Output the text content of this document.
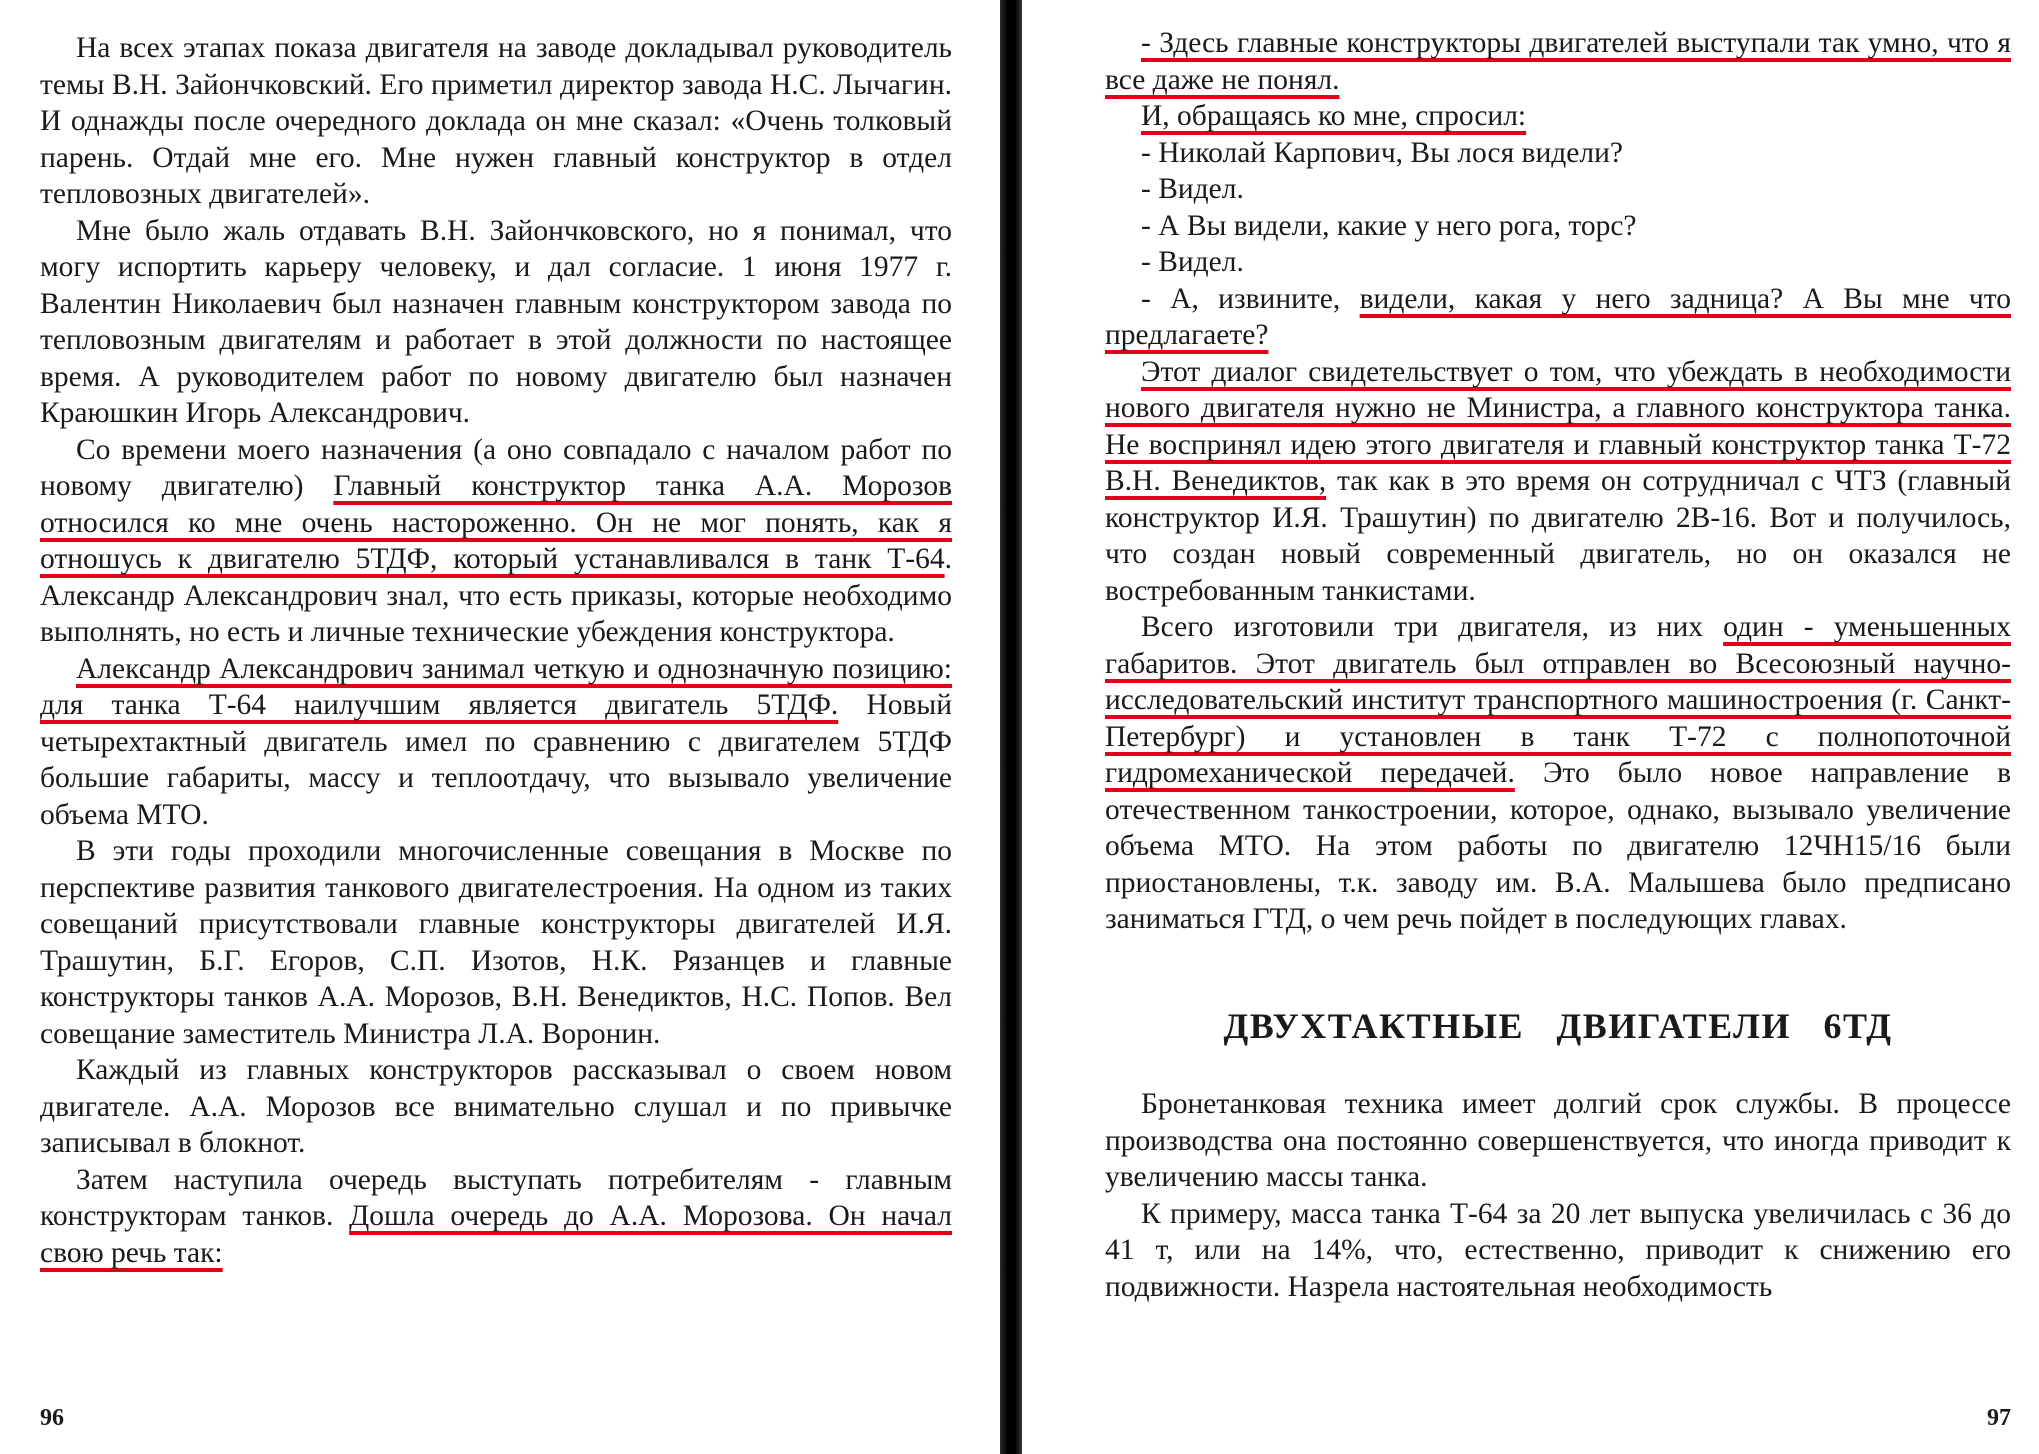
На всех этапах показа двигателя на заводе докладывал руководитель темы В.Н. Зайончковский. Его приметил директор завода Н.С. Лычагин. И однажды после очередного доклада он мне сказал: «Очень толковый парень. Отдай мне его. Мне нужен главный конструктор в отдел тепловозных двигателей».

Мне было жаль отдавать В.Н. Зайончковского, но я понимал, что могу испортить карьеру человеку, и дал согласие. 1 июня 1977 г. Валентин Николаевич был назначен главным конструктором завода по тепловозным двигателям и работает в этой должности по настоящее время. А руководителем работ по новому двигателю был назначен Краюшкин Игорь Александрович.

Со времени моего назначения (а оно совпадало с началом работ по новому двигателю) Главный конструктор танка А.А. Морозов относился ко мне очень настороженно. Он не мог понять, как я отношусь к двигателю 5ТДФ, который устанавливался в танк Т-64. Александр Александрович знал, что есть приказы, которые необходимо выполнять, но есть и личные технические убеждения конструктора.

Александр Александрович занимал четкую и однозначную позицию: для танка Т-64 наилучшим является двигатель 5ТДФ. Новый четырехтактный двигатель имел по сравнению с двигателем 5ТДФ большие габариты, массу и теплоотдачу, что вызывало увеличение объема МТО.

В эти годы проходили многочисленные совещания в Москве по перспективе развития танкового двигателестроения. На одном из таких совещаний присутствовали главные конструкторы двигателей И.Я. Трашутин, Б.Г. Егоров, С.П. Изотов, Н.К. Рязанцев и главные конструкторы танков А.А. Морозов, В.Н. Венедиктов, Н.С. Попов. Вел совещание заместитель Министра Л.А. Воронин.

Каждый из главных конструкторов рассказывал о своем новом двигателе. А.А. Морозов все внимательно слушал и по привычке записывал в блокнот.

Затем наступила очередь выступать потребителям - главным конструкторам танков. Дошла очередь до А.А. Морозова. Он начал свою речь так:

96

- Здесь главные конструкторы двигателей выступали так умно, что я все даже не понял.

И, обращаясь ко мне, спросил:

- Николай Карпович, Вы лося видели?

- Видел.

- А Вы видели, какие у него рога, торс?

- Видел.

- А, извините, видели, какая у него задница? А Вы мне что предлагаете?

Этот диалог свидетельствует о том, что убеждать в необходимости нового двигателя нужно не Министра, а главного конструктора танка. Не воспринял идею этого двигателя и главный конструктор танка Т-72 В.Н. Венедиктов, так как в это время он сотрудничал с ЧТЗ (главный конструктор И.Я. Трашутин) по двигателю 2В-16. Вот и получилось, что создан новый современный двигатель, но он оказался не востребованным танкистами.

Всего изготовили три двигателя, из них один - уменьшенных габаритов. Этот двигатель был отправлен во Всесоюзный научно-исследовательский институт транспортного машиностроения (г. Санкт-Петербург) и установлен в танк Т-72 с полнопоточной гидромеханической передачей. Это было новое направление в отечественном танкостроении, которое, однако, вызывало увеличение объема МТО. На этом работы по двигателю 12ЧН15/16 были приостановлены, т.к. заводу им. В.А. Малышева было предписано заниматься ГТД, о чем речь пойдет в последующих главах.

ДВУХТАКТНЫЕ ДВИГАТЕЛИ 6ТД

Бронетанковая техника имеет долгий срок службы. В процессе производства она постоянно совершенствуется, что иногда приводит к увеличению массы танка.

К примеру, масса танка Т-64 за 20 лет выпуска увеличилась с 36 до 41 т, или на 14%, что, естественно, приводит к снижению его подвижности. Назрела настоятельная необходимость

97
